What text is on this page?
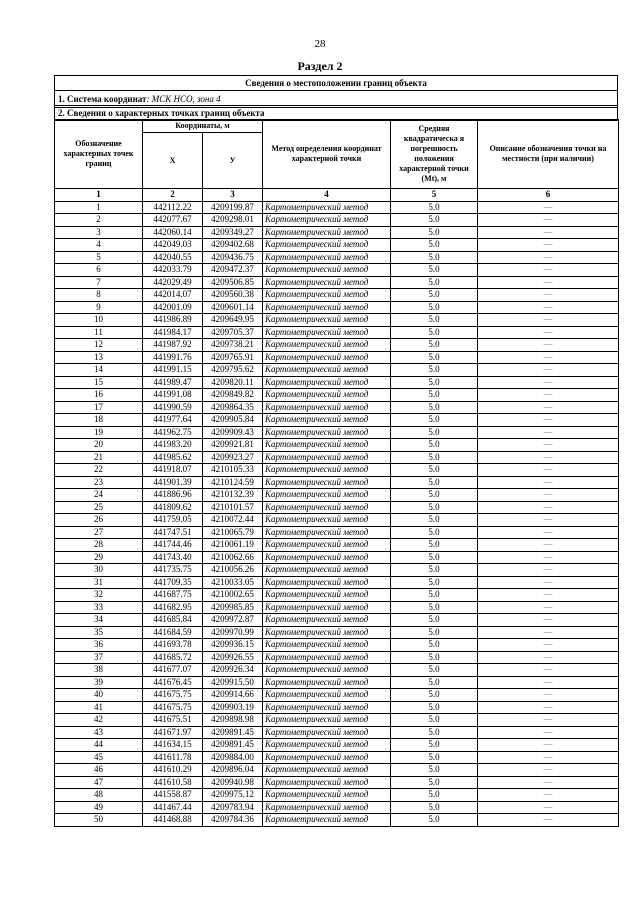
28
Раздел 2
Сведения о местоположении границ объекта
1. Система координат: МСК НСО, зона 4
2. Сведения о характерных точках границ объекта
Обозначение характерных точек границ	Координаты, м		Метод определения координат характерной точки	Средняя квадратическа я погрешность положения характерной точки (Mt), м	Описание обозначения точки на местности (при наличии)
	Х	У			
1	2	3	4	5	6
1	442112.22	4209199.87	Картометрический метод	5.0	—
2	442077.67	4209298.01	Картометрический метод	5.0	—
3	442060.14	4209349.27	Картометрический метод	5.0	—
4	442049.03	4209402.68	Картометрический метод	5.0	—
5	442040.55	4209436.75	Картометрический метод	5.0	—
6	442033.79	4209472.37	Картометрический метод	5.0	—
7	442029.49	4209506.85	Картометрический метод	5.0	—
8	442014.07	4209560.38	Картометрический метод	5.0	—
9	442001.09	4209601.14	Картометрический метод	5.0	—
10	441986.89	4209649.95	Картометрический метод	5.0	—
11	441984.17	4209705.37	Картометрический метод	5.0	—
12	441987.92	4209738.21	Картометрический метод	5.0	—
13	441991.76	4209765.91	Картометрический метод	5.0	—
14	441991.15	4209795.62	Картометрический метод	5.0	—
15	441989.47	4209820.11	Картометрический метод	5.0	—
16	441991.08	4209849.82	Картометрический метод	5.0	—
17	441990.59	4209864.35	Картометрический метод	5.0	—
18	441977.64	4209905.84	Картометрический метод	5.0	—
19	441962.75	4209909.43	Картометрический метод	5.0	—
20	441983.20	4209921.81	Картометрический метод	5.0	—
21	441985.62	4209923.27	Картометрический метод	5.0	—
22	441918.07	4210105.33	Картометрический метод	5.0	—
23	441901.39	4210124.59	Картометрический метод	5.0	—
24	441886.96	4210132.39	Картометрический метод	5.0	—
25	441809.62	4210101.57	Картометрический метод	5.0	—
26	441759.05	4210072.44	Картометрический метод	5.0	—
27	441747.51	4210065.79	Картометрический метод	5.0	—
28	441744.46	4210061.19	Картометрический метод	5.0	—
29	441743.40	4210062.66	Картометрический метод	5.0	—
30	441735.75	4210056.26	Картометрический метод	5.0	—
31	441709.35	4210033.05	Картометрический метод	5.0	—
32	441687.75	4210002.65	Картометрический метод	5.0	—
33	441682.95	4209985.85	Картометрический метод	5.0	—
34	441685.84	4209972.87	Картометрический метод	5.0	—
35	441684.59	4209970.99	Картометрический метод	5.0	—
36	441693.78	4209936.15	Картометрический метод	5.0	—
37	441685.72	4209926.55	Картометрический метод	5.0	—
38	441677.07	4209926.34	Картометрический метод	5.0	—
39	441676.45	4209915.50	Картометрический метод	5.0	—
40	441675.75	4209914.66	Картометрический метод	5.0	—
41	441675.75	4209903.19	Картометрический метод	5.0	—
42	441675.51	4209898.98	Картометрический метод	5.0	—
43	441671.97	4209891.45	Картометрический метод	5.0	—
44	441634.15	4209891.45	Картометрический метод	5.0	—
45	441611.78	4209884.00	Картометрический метод	5.0	—
46	441610.29	4209896.04	Картометрический метод	5.0	—
47	441610.58	4209940.98	Картометрический метод	5.0	—
48	441558.87	4209975.12	Картометрический метод	5.0	—
49	441467.44	4209783.94	Картометрический метод	5.0	—
50	441468.88	4209784.36	Картометрический метод	5.0	—
